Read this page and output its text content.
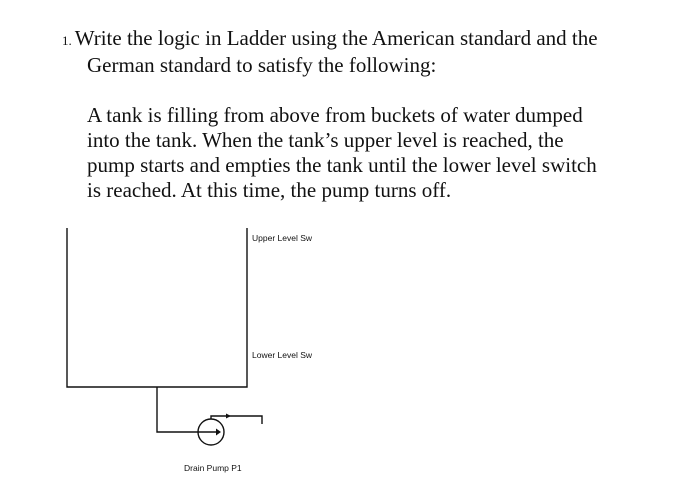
1. Write the logic in Ladder using the American standard and the
German standard to satisfy the following:
A tank is filling from above from buckets of water dumped
into the tank. When the tank’s upper level is reached, the
pump starts and empties the tank until the lower level switch
is reached. At this time, the pump turns off.
Upper Level Sw
Lower Level Sw
Drain Pump P1
